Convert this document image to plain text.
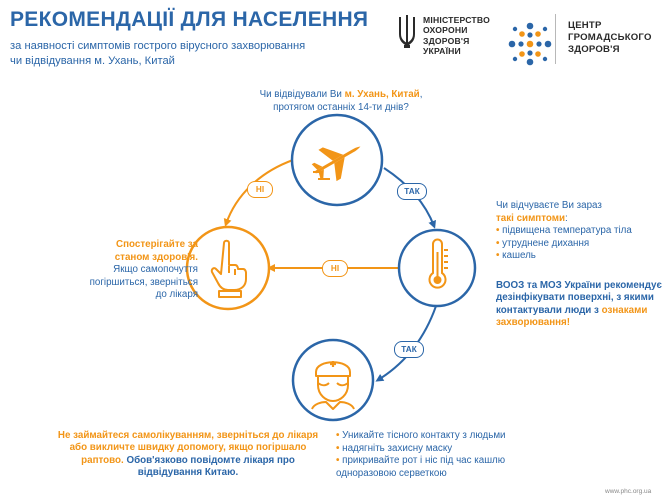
РЕКОМЕНДАЦІЇ ДЛЯ НАСЕЛЕННЯ
за наявності симптомів гострого вірусного захворювання
чи відвідування м. Ухань, Китай
МІНІСТЕРСТВО
ОХОРОНИ
ЗДОРОВ'Я
УКРАЇНИ
ЦЕНТР
ГРОМАДСЬКОГО
ЗДОРОВ'Я
Чи відвідували Ви м. Ухань, Китай,
протягом останніх 14-ти днів?
НІ	ТАК
НІ
ТАК
Чи відчуваєте Ви зараз
такі симптоми:
• підвищена температура тіла
• утруднене дихання
• кашель
ВООЗ та МОЗ України рекомендує дезінфікувати поверхні, з якими контактували люди з ознаками захворювання!
Спостерігайте за станом здоров'я.
Якщо самопочуття погіршиться, зверніться до лікаря
Не займайтеся самолікуванням, зверніться до лікаря або викличте швидку допомогу, якщо погіршало раптово. Обов'язково повідомте лікаря про відвідування Китаю.
• Уникайте тісного контакту з людьми
• надягніть захисну маску
• прикривайте рот і ніс під час кашлю одноразовою серветкою
www.phc.org.ua
